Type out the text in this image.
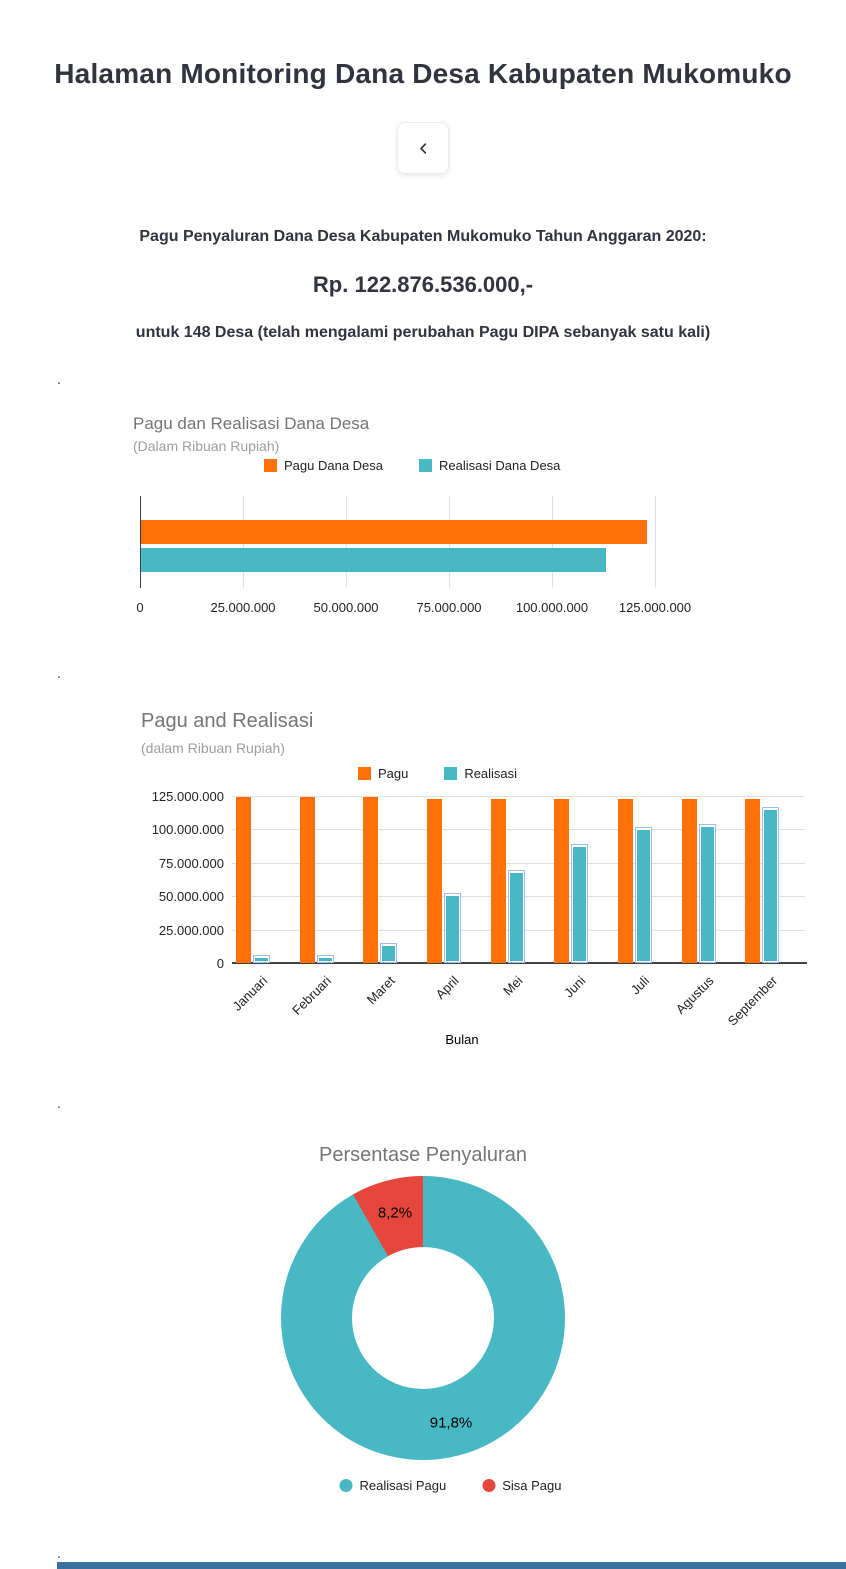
Halaman Monitoring Dana Desa Kabupaten Mukomuko

Pagu Penyaluran Dana Desa Kabupaten Mukomuko Tahun Anggaran 2020:

Rp. 122.876.536.000,-

untuk 148 Desa (telah mengalami perubahan Pagu DIPA sebanyak satu kali)

.

Pagu dan Realisasi Dana Desa
(Dalam Ribuan Rupiah)
Pagu Dana Desa	Realisasi Dana Desa
0	25.000.000	50.000.000	75.000.000	100.000.000 125.000.000

.

Pagu and Realisasi
(dalam Ribuan Rupiah)
Pagu	Realisasi
0
25.000.000
50.000.000
75.000.000
100.000.000
125.000.000
Januari Februari Maret	April	Mei	Juni	Juli Agustus September
Bulan

.

Persentase Penyaluran
91,8%
8,2%
Realisasi Pagu	Sisa Pagu

.
